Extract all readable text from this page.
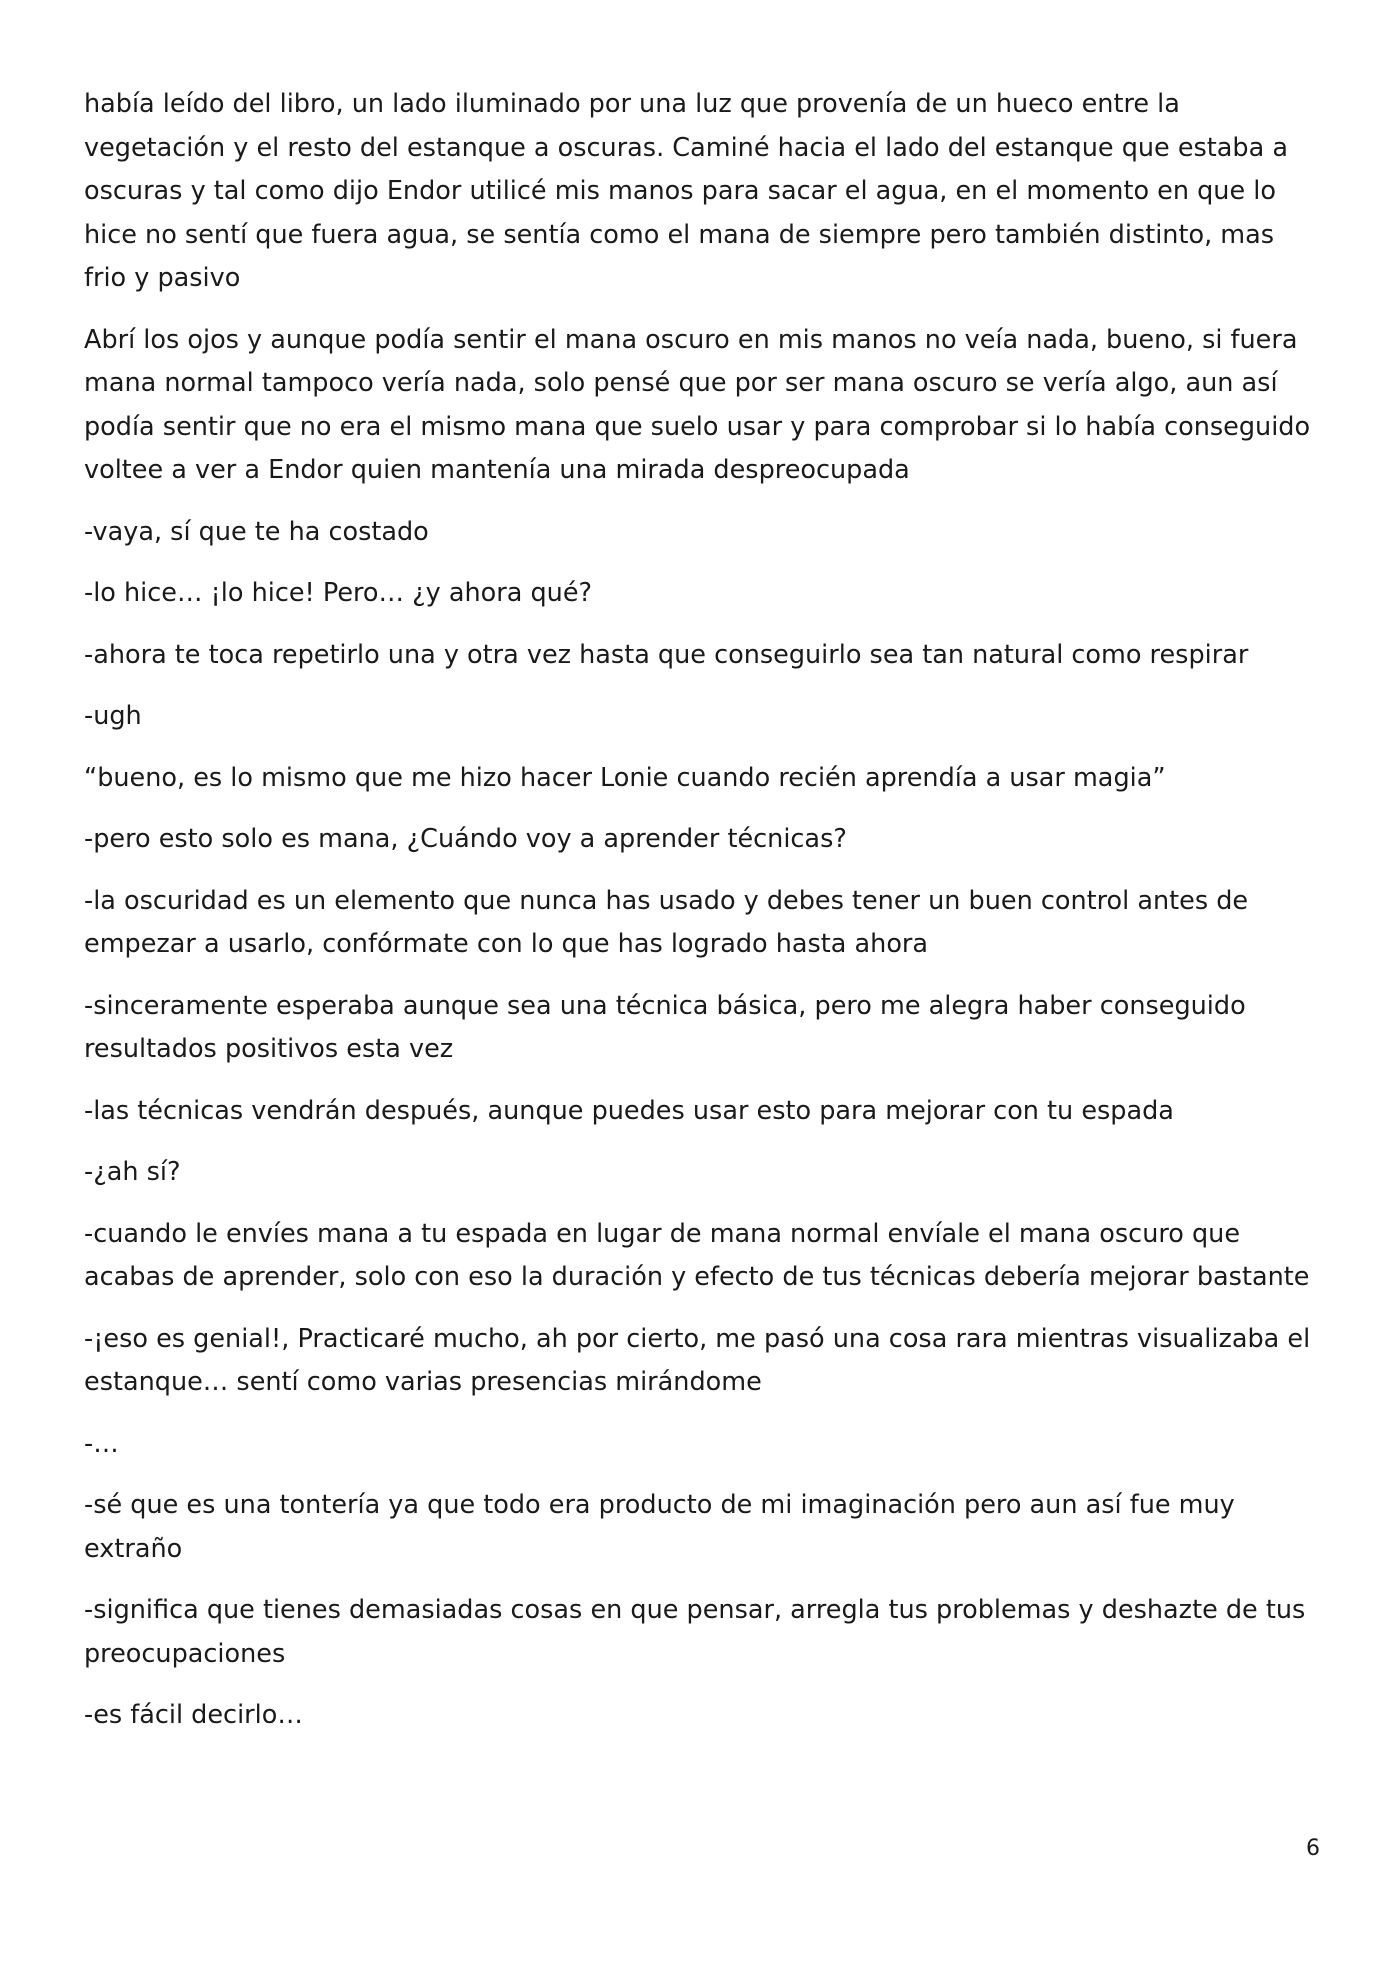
había leído del libro, un lado iluminado por una luz que provenía de un hueco entre la vegetación y el resto del estanque a oscuras. Caminé hacia el lado del estanque que estaba a oscuras y tal como dijo Endor utilicé mis manos para sacar el agua, en el momento en que lo hice no sentí que fuera agua, se sentía como el mana de siempre pero también distinto, mas frio y pasivo

Abrí los ojos y aunque podía sentir el mana oscuro en mis manos no veía nada, bueno, si fuera mana normal tampoco vería nada, solo pensé que por ser mana oscuro se vería algo, aun así podía sentir que no era el mismo mana que suelo usar y para comprobar si lo había conseguido voltee a ver a Endor quien mantenía una mirada despreocupada

-vaya, sí que te ha costado

-lo hice… ¡lo hice! Pero… ¿y ahora qué?

-ahora te toca repetirlo una y otra vez hasta que conseguirlo sea tan natural como respirar

-ugh

“bueno, es lo mismo que me hizo hacer Lonie cuando recién aprendía a usar magia”

-pero esto solo es mana, ¿Cuándo voy a aprender técnicas?

-la oscuridad es un elemento que nunca has usado y debes tener un buen control antes de empezar a usarlo, confórmate con lo que has logrado hasta ahora

-sinceramente esperaba aunque sea una técnica básica, pero me alegra haber conseguido resultados positivos esta vez

-las técnicas vendrán después, aunque puedes usar esto para mejorar con tu espada

-¿ah sí?

-cuando le envíes mana a tu espada en lugar de mana normal envíale el mana oscuro que acabas de aprender, solo con eso la duración y efecto de tus técnicas debería mejorar bastante

-¡eso es genial!, Practicaré mucho, ah por cierto, me pasó una cosa rara mientras visualizaba el estanque… sentí como varias presencias mirándome

-…

-sé que es una tontería ya que todo era producto de mi imaginación pero aun así fue muy extraño

-significa que tienes demasiadas cosas en que pensar, arregla tus problemas y deshazte de tus preocupaciones

-es fácil decirlo…

6
